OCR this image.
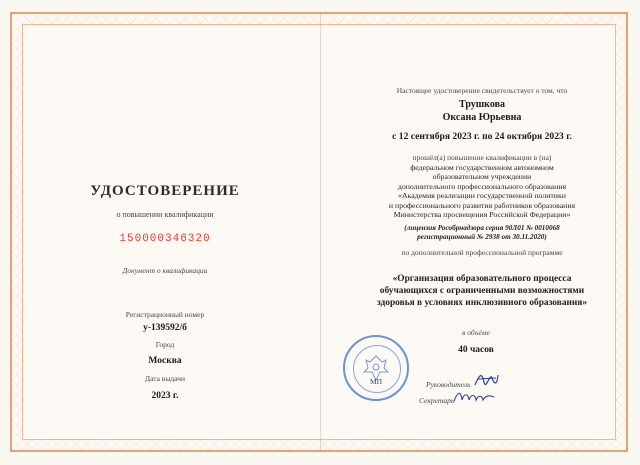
УДОСТОВЕРЕНИЕ
о повышении квалификации
150000346320
Документ о квалификации
Регистрационный номер
у-139592/б
Город
Москва
Дата выдачи
2023 г.
Настоящее удостоверение свидетельствует о том, что
Трушкова
Оксана Юрьевна
с 12 сентября 2023 г. по 24 октября 2023 г.
прошёл(а) повышение квалификации в (на)
федеральном государственном автономном
образовательном учреждении
дополнительного профессионального образования
«Академия реализации государственной политики
и профессионального развития работников образования
Министерства просвещения Российской Федерации»
(лицензия Рособрнадзора серия 90Л01 № 0010068
регистрационный № 2938 от 30.11.2020)
по дополнительной профессиональной программе
«Организация образовательного процесса
обучающихся с ограниченными возможностями
здоровья в условиях инклюзивного образования»
в объёме
40 часов
МП	Руководитель
Секретарь
